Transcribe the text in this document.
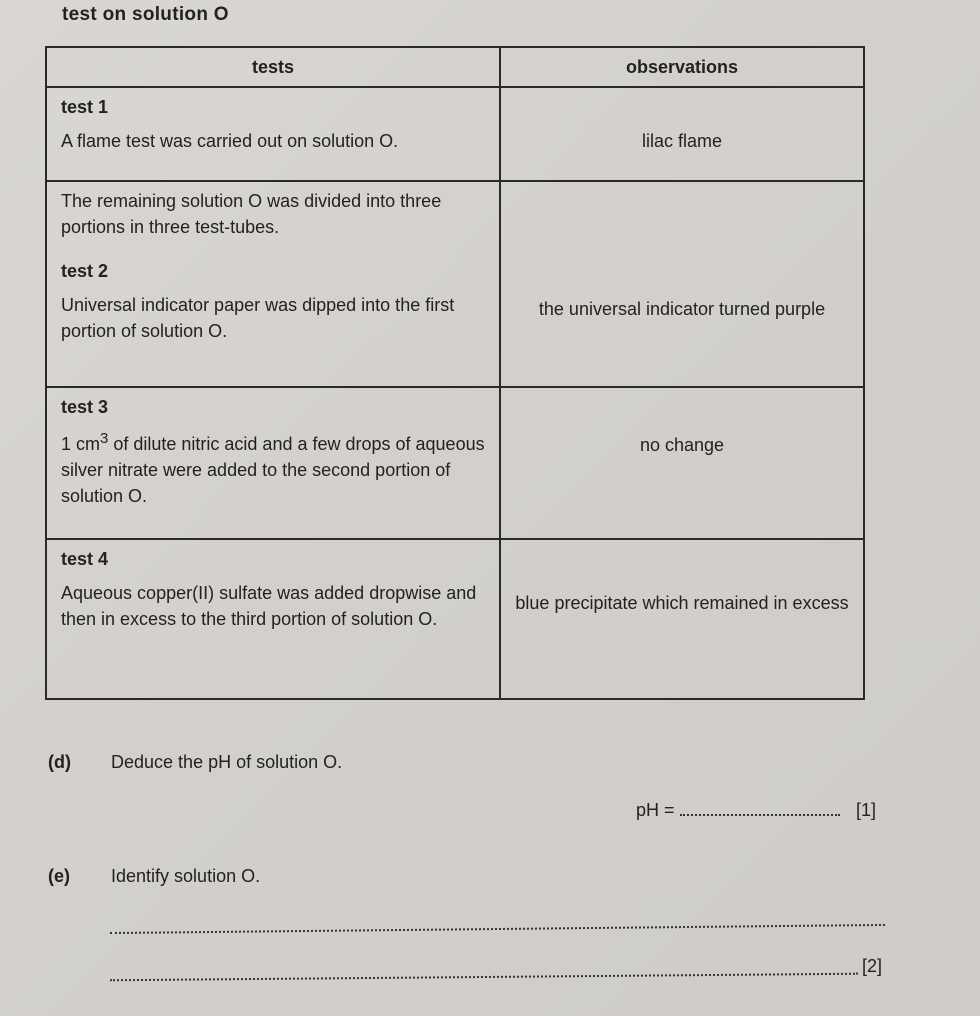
test on solution O
tests	observations

test 1
A flame test was carried out on solution O.	lilac flame

The remaining solution O was divided into three portions in three test-tubes.
test 2
Universal indicator paper was dipped into the first portion of solution O.	the universal indicator turned purple

test 3
1 $cm^3$ of dilute nitric acid and a few drops of aqueous silver nitrate were added to the second portion of solution O.	no change

test 4
Aqueous copper(II) sulfate was added dropwise and then in excess to the third portion of solution O.	blue precipitate which remained in excess
(d) Deduce the pH of solution O.
pH =	[1]
(e) Identify solution O.
[2]
